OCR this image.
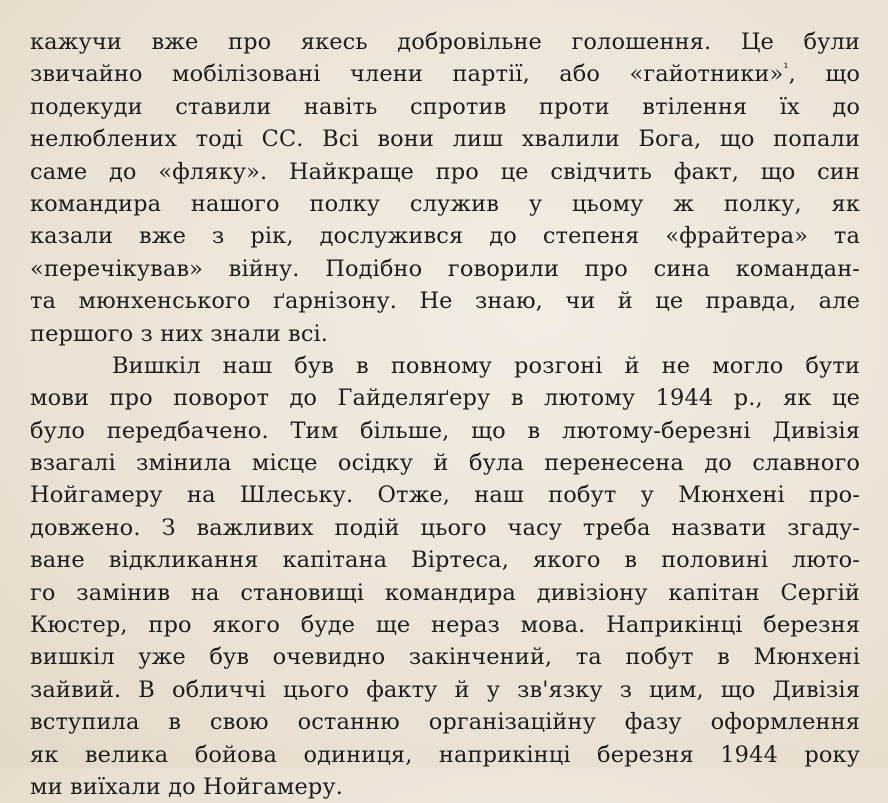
кажучи вже про якесь добровільне голошення. Це були
звичайно мобілізовані члени партії, або «гайотники»$^{^1}$, що
подекуди ставили навіть спротив проти втілення їх до
нелюблених тоді СС. Всі вони лиш хвалили Бога, що попали
саме до «фляку». Найкраще про це свідчить факт, що син
командира нашого полку служив у цьому ж полку, як
казали вже з рік, дослужився до степеня «фрайтера» та
«перечікував» війну. Подібно говорили про сина командан-
та мюнхенського ґарнізону. Не знаю, чи й це правда, але
першого з них знали всі.
Вишкіл наш був в повному розгоні й не могло бути
мови про поворот до Гайделяґеру в лютому 1944 р., як це
було передбачено. Тим більше, що в лютому-березні Дивізія
взагалі змінила місце осідку й була перенесена до славного
Нойгамеру на Шлеську. Отже, наш побут у Мюнхені про-
довжено. З важливих подій цього часу треба назвати згаду-
ване відкликання капітана Віртеса, якого в половині люто-
го замінив на становищі командира дивізіону капітан Сергій
Кюстер, про якого буде ще нераз мова. Наприкінці березня
вишкіл уже був очевидно закінчений, та побут в Мюнхені
зайвий. В обличчі цього факту й у зв'язку з цим, що Дивізія
вступила в свою останню організаційну фазу оформлення
як велика бойова одиниця, наприкінці березня 1944 року
ми виїхали до Нойгамеру.
